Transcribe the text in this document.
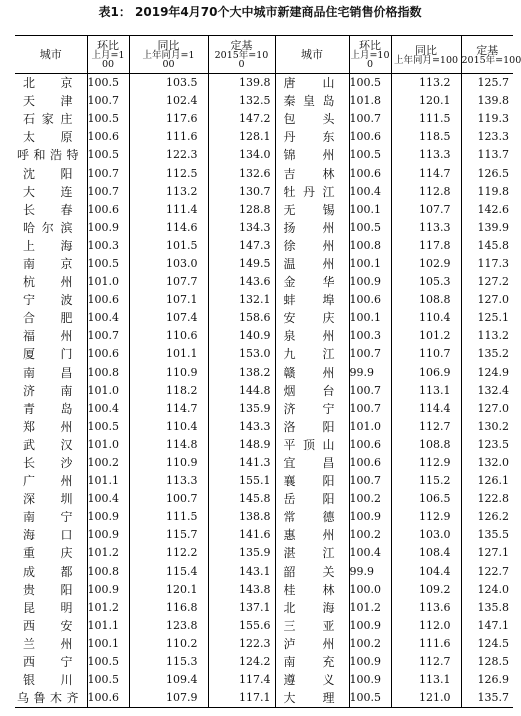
表1： 2019年4月70个大中城市新建商品住宅销售价格指数
城市	环比
上月=1
00	同比
上年同月=1
00	定基
2015年=10
0	城市	环比
上月=10
0	同比
上年同月=100	定基
2015年=100

北　京	100.5	103.5	139.8	唐　山	100.5	113.2	125.7
天　津	100.7	102.4	132.5	秦皇岛	101.8	120.1	139.8
石家庄	100.5	117.6	147.2	包　头	100.7	111.5	119.3
太　原	100.6	111.6	128.1	丹　东	100.6	118.5	123.3
呼和浩特	100.5	122.3	134.0	锦　州	100.5	113.3	113.7
沈　阳	100.7	112.5	132.6	吉　林	100.6	114.7	126.5
大　连	100.7	113.2	130.7	牡丹江	100.4	112.8	119.8
长　春	100.6	111.4	128.8	无　锡	100.1	107.7	142.6
哈尔滨	100.9	114.6	134.3	扬　州	100.5	113.3	139.9
上　海	100.3	101.5	147.3	徐　州	100.8	117.8	145.8
南　京	100.5	103.0	149.5	温　州	100.1	102.9	117.3
杭　州	101.0	107.7	143.6	金　华	100.9	105.3	127.2
宁　波	100.6	107.1	132.1	蚌　埠	100.6	108.8	127.0
合　肥	100.4	107.4	158.6	安　庆	100.1	110.4	125.1
福　州	100.7	110.6	140.9	泉　州	100.3	101.2	113.2
厦　门	100.6	101.1	153.0	九　江	100.7	110.7	135.2
南　昌	100.8	110.9	138.2	赣　州	99.9	106.9	124.9
济　南	101.0	118.2	144.8	烟　台	100.7	113.1	132.4
青　岛	100.4	114.7	135.9	济　宁	100.7	114.4	127.0
郑　州	100.5	110.4	143.3	洛　阳	101.0	112.7	130.2
武　汉	101.0	114.8	148.9	平顶山	100.6	108.8	123.5
长　沙	100.2	110.9	141.3	宜　昌	100.6	112.9	132.0
广　州	101.1	113.3	155.1	襄　阳	100.7	115.2	126.1
深　圳	100.4	100.7	145.8	岳　阳	100.2	106.5	122.8
南　宁	100.9	111.5	138.8	常　德	100.9	112.9	126.2
海　口	100.9	115.7	141.6	惠　州	100.2	103.0	135.5
重　庆	101.2	112.2	135.9	湛　江	100.4	108.4	127.1
成　都	100.8	115.4	143.1	韶　关	99.9	104.4	122.7
贵　阳	100.9	120.1	143.8	桂　林	100.0	109.2	124.0
昆　明	101.2	116.8	137.1	北　海	101.2	113.6	135.8
西　安	101.1	123.8	155.6	三　亚	100.9	112.0	147.1
兰　州	100.1	110.2	122.3	泸　州	100.2	111.6	124.5
西　宁	100.5	115.3	124.2	南　充	100.9	112.7	128.5
银　川	100.5	109.4	117.4	遵　义	100.9	113.1	126.9
乌鲁木齐	100.6	107.9	117.1	大　理	100.5	121.0	135.7
